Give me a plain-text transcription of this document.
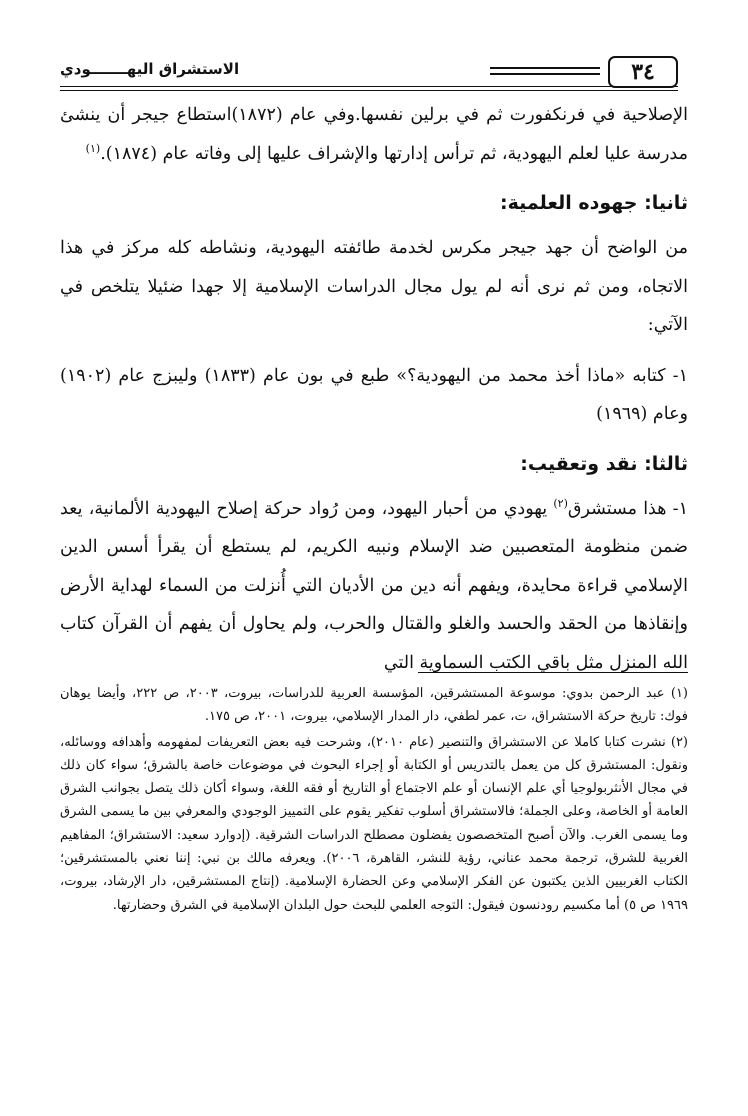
٣٤
الاستشراق اليهـــــــودي

الإصلاحية في فرنكفورت ثم في برلين نفسها.وفي عام (١٨٧٢)استطاع جيجر أن ينشئ مدرسة عليا لعلم اليهودية، ثم ترأس إدارتها والإشراف عليها إلى وفاته عام (١٨٧٤).$^{(١)}$

ثانيا: جهوده العلمية:

من الواضح أن جهد جيجر مكرس لخدمة طائفته اليهودية، ونشاطه كله مركز في هذا الاتجاه، ومن ثم نرى أنه لم يول مجال الدراسات الإسلامية إلا جهدا ضئيلا يتلخص في الآتي:

١- كتابه «ماذا أخذ محمد من اليهودية؟» طبع في بون عام (١٨٣٣) وليبزج عام (١٩٠٢) وعام (١٩٦٩)

ثالثا: نقد وتعقيب:

١- هذا مستشرق$^{(٢)}$ يهودي من أحبار اليهود، ومن رُواد حركة إصلاح اليهودية الألمانية، يعد ضمن منظومة المتعصبين ضد الإسلام ونبيه الكريم، لم يستطع أن يقرأ أسس الدين الإسلامي قراءة محايدة، ويفهم أنه دين من الأديان التي أُنزلت من السماء لهداية الأرض وإنقاذها من الحقد والحسد والغلو والقتال والحرب، ولم يحاول أن يفهم أن القرآن كتاب الله المنزل مثل باقي الكتب السماوية التي

(١) عبد الرحمن بدوي: موسوعة المستشرقين، المؤسسة العربية للدراسات، بيروت، ٢٠٠٣، ص ٢٢٢، وأيضا يوهان فوك: تاريخ حركة الاستشراق، ت، عمر لطفي، دار المدار الإسلامي، بيروت، ٢٠٠١، ص ١٧٥.

(٢) نشرت كتابا كاملا عن الاستشراق والتنصير (عام ٢٠١٠)، وشرحت فيه بعض التعريفات لمفهومه وأهدافه ووسائله، ونقول: المستشرق كل من يعمل بالتدريس أو الكتابة أو إجراء البحوث في موضوعات خاصة بالشرق؛ سواء كان ذلك في مجال الأنثربولوجيا أي علم الإنسان أو علم الاجتماع أو التاريخ أو فقه اللغة، وسواء أكان ذلك يتصل بجوانب الشرق العامة أو الخاصة، وعلى الجملة؛ فالاستشراق أسلوب تفكير يقوم على التمييز الوجودي والمعرفي بين ما يسمى الشرق وما يسمى الغرب. والآن أصبح المتخصصون يفضلون مصطلح الدراسات الشرقية. (إدوارد سعيد: الاستشراق؛ المفاهيم الغربية للشرق، ترجمة محمد عناني، رؤية للنشر، القاهرة، ٢٠٠٦). ويعرفه مالك بن نبي: إننا نعني بالمستشرقين؛ الكتاب الغربيين الذين يكتبون عن الفكر الإسلامي وعن الحضارة الإسلامية. (إنتاج المستشرقين، دار الإرشاد، بيروت، ١٩٦٩ ص ٥) أما مكسيم رودنسون فيقول: التوجه العلمي للبحث حول البلدان الإسلامية في الشرق وحضارتها.
